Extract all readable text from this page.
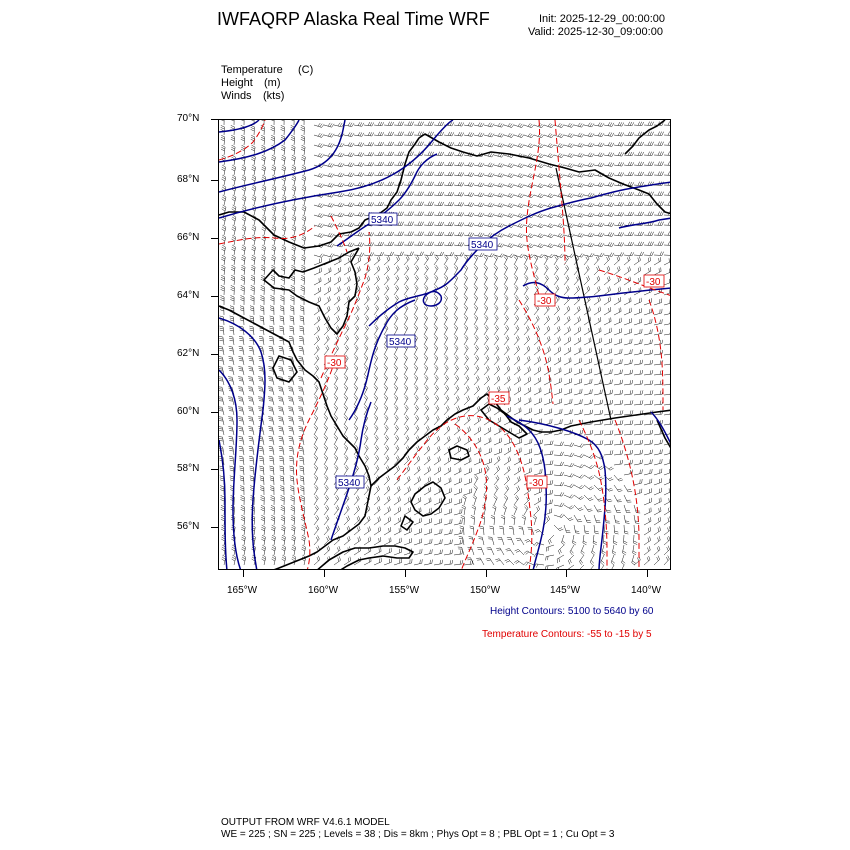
IWFAQRP Alaska Real Time WRF	Init: 2025-12-29_00:00:00
Valid: 2025-12-30_09:00:00
Temperature (C)
Height (m)
Winds (kts)
70°N
68°N
66°N
64°N
62°N
60°N
58°N
56°N
165°W	160°W	155°W	150°W	145°W	140°W
5340
5340
5340
5340
-30
-30
-30
-35
-30
Height Contours: 5100 to 5640 by 60
Temperature Contours: -55 to -15 by 5
OUTPUT FROM WRF V4.6.1 MODEL
WE = 225 ; SN = 225 ; Levels = 38 ; Dis = 8km ; Phys Opt = 8 ; PBL Opt = 1 ; Cu Opt = 3
